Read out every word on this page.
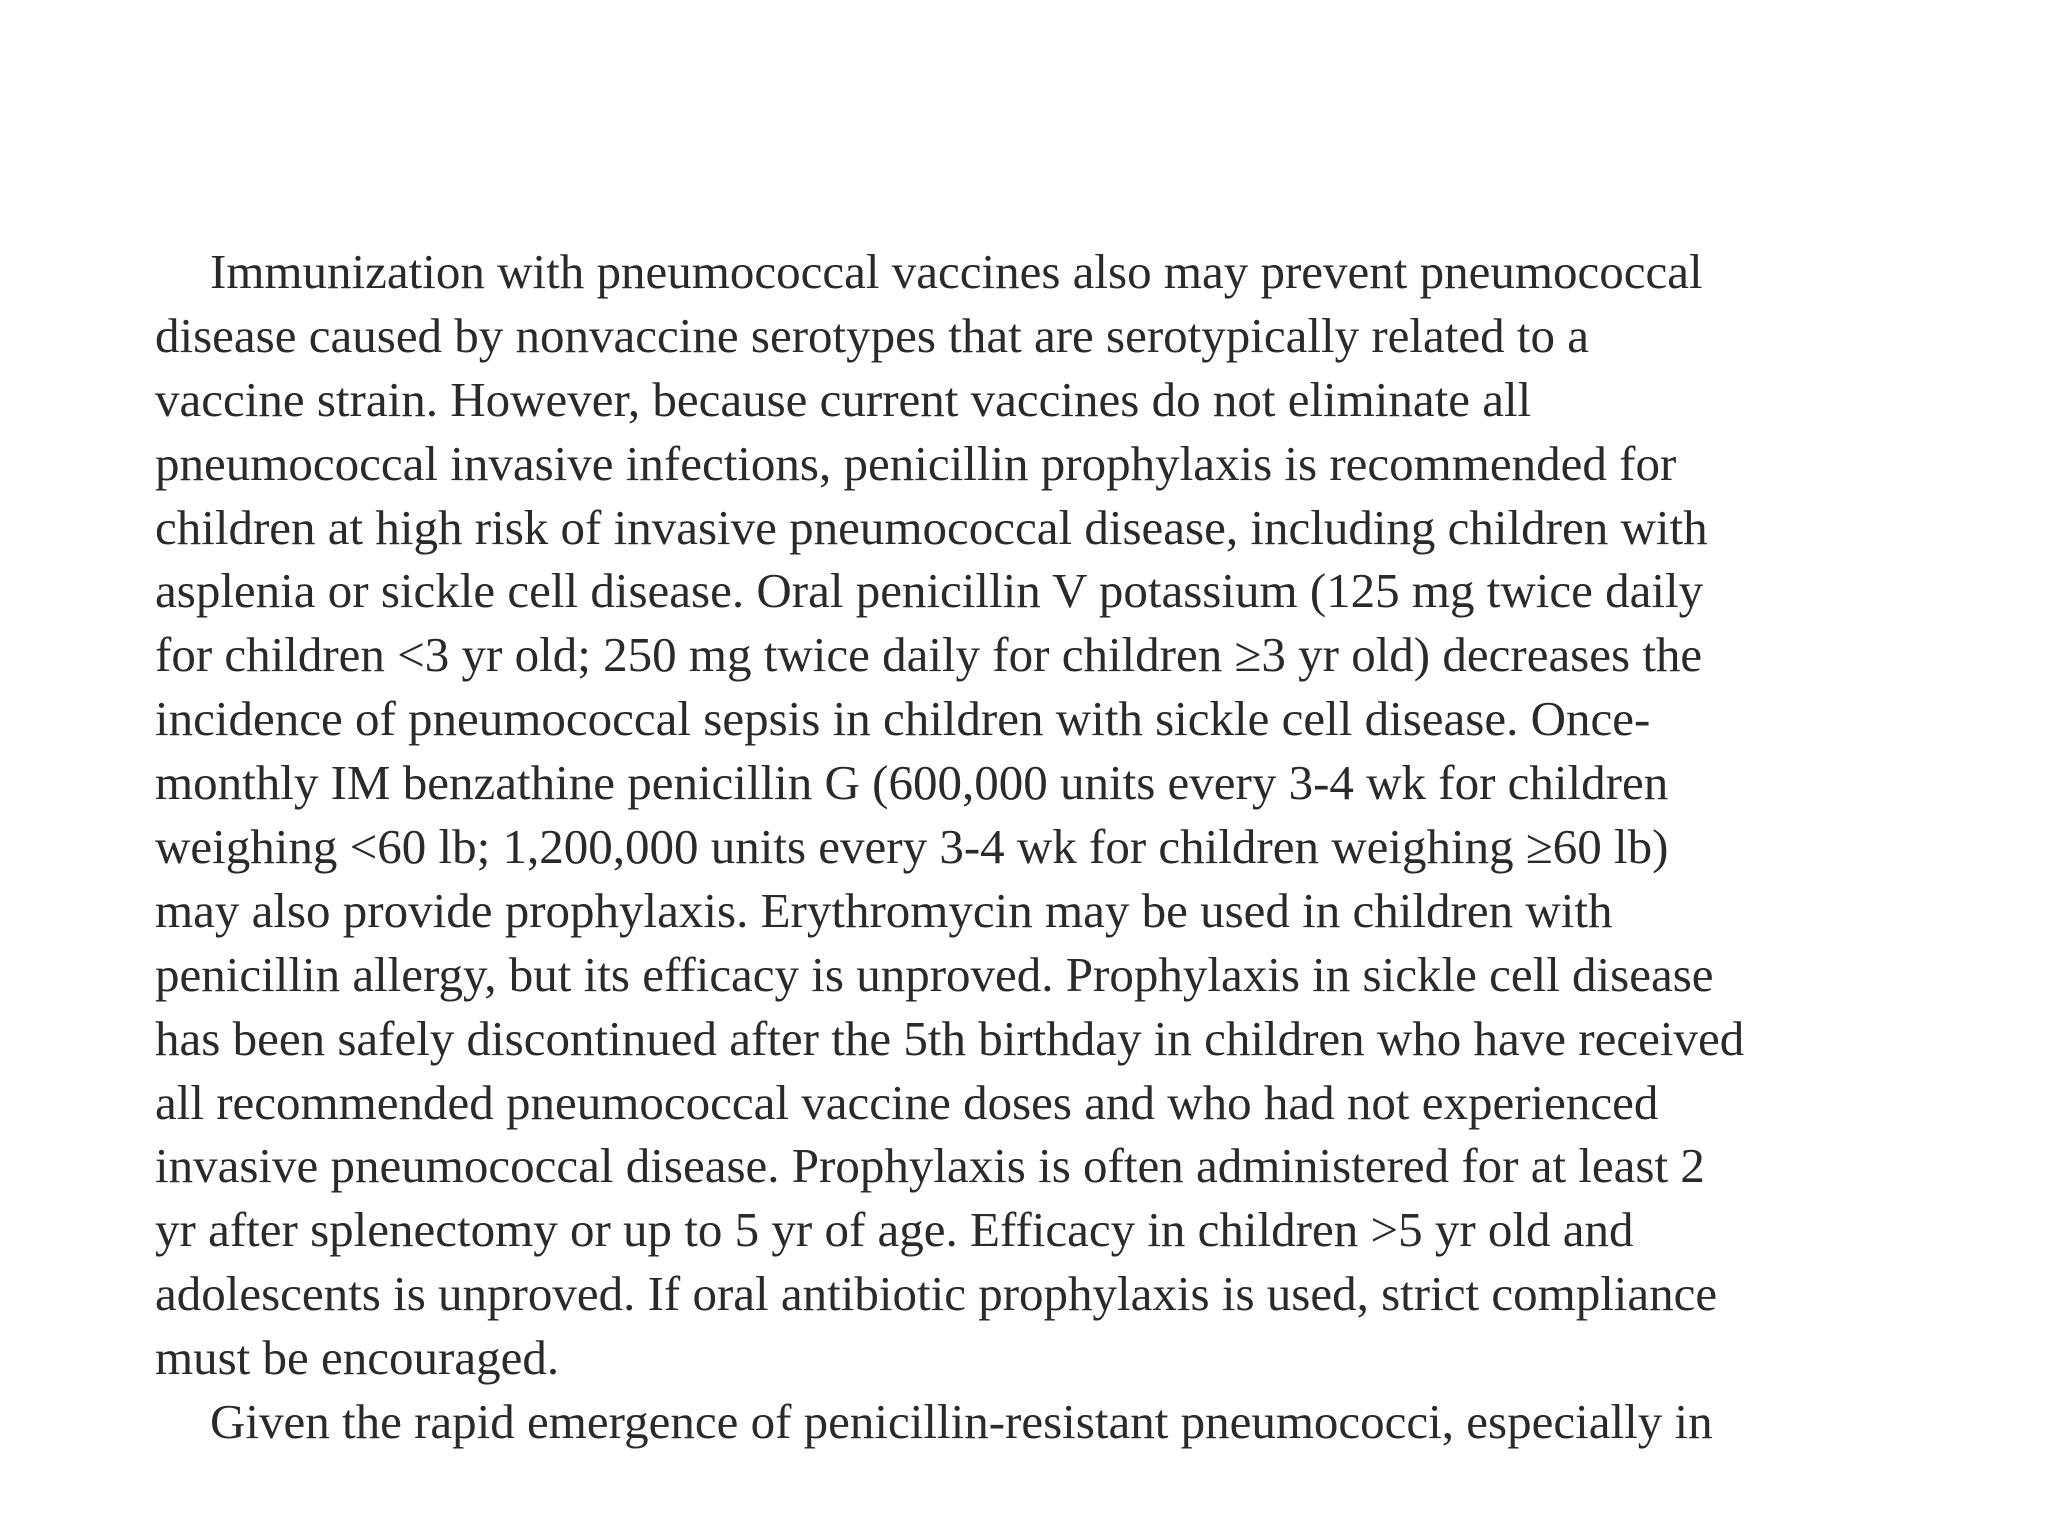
Immunization with pneumococcal vaccines also may prevent pneumococcal
disease caused by nonvaccine serotypes that are serotypically related to a
vaccine strain. However, because current vaccines do not eliminate all
pneumococcal invasive infections, penicillin prophylaxis is recommended for
children at high risk of invasive pneumococcal disease, including children with
asplenia or sickle cell disease. Oral penicillin V potassium (125 mg twice daily
for children <3 yr old; 250 mg twice daily for children ≥3 yr old) decreases the
incidence of pneumococcal sepsis in children with sickle cell disease. Once-
monthly IM benzathine penicillin G (600,000 units every 3-4 wk for children
weighing <60 lb; 1,200,000 units every 3-4 wk for children weighing ≥60 lb)
may also provide prophylaxis. Erythromycin may be used in children with
penicillin allergy, but its efficacy is unproved. Prophylaxis in sickle cell disease
has been safely discontinued after the 5th birthday in children who have received
all recommended pneumococcal vaccine doses and who had not experienced
invasive pneumococcal disease. Prophylaxis is often administered for at least 2
yr after splenectomy or up to 5 yr of age. Efficacy in children >5 yr old and
adolescents is unproved. If oral antibiotic prophylaxis is used, strict compliance
must be encouraged.
Given the rapid emergence of penicillin-resistant pneumococci, especially in
